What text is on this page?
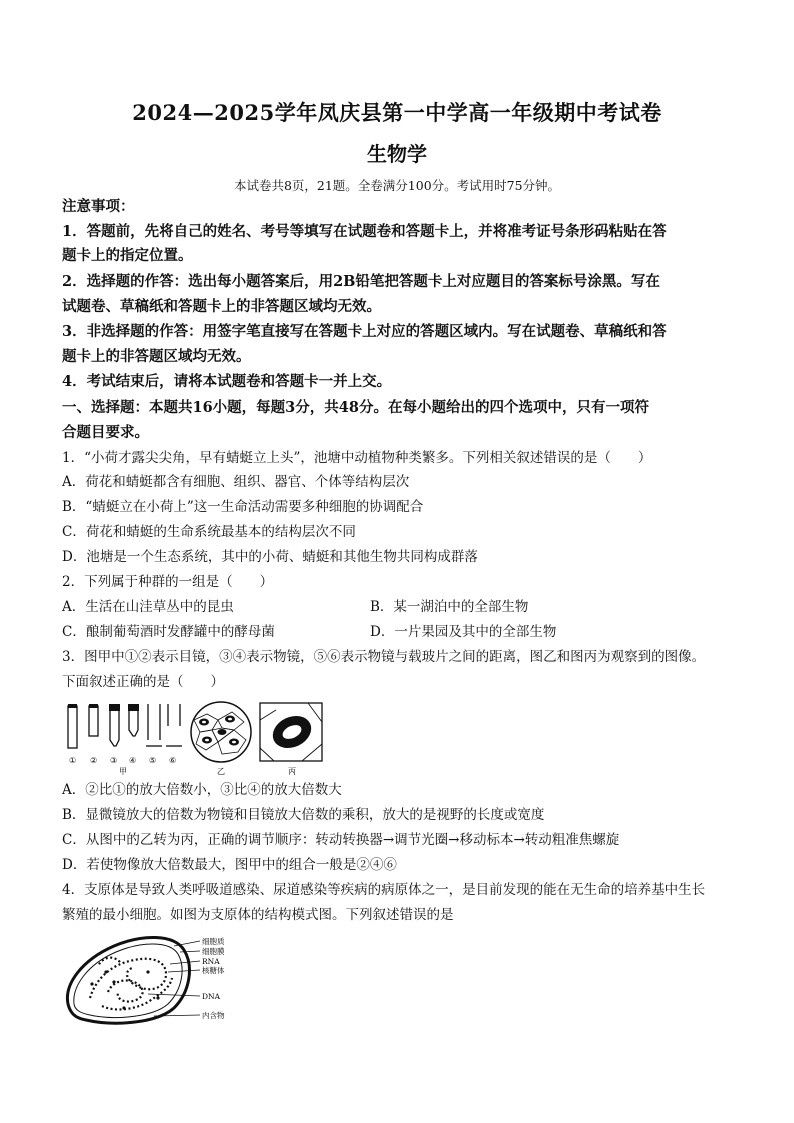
2024—2025学年凤庆县第一中学高一年级期中考试卷
生物学
本试卷共8页，21题。全卷满分100分。考试用时75分钟。
注意事项：
1．答题前，先将自己的姓名、考号等填写在试题卷和答题卡上，并将准考证号条形码粘贴在答
题卡上的指定位置。
2．选择题的作答：选出每小题答案后，用2B铅笔把答题卡上对应题目的答案标号涂黑。写在
试题卷、草稿纸和答题卡上的非答题区域均无效。
3．非选择题的作答：用签字笔直接写在答题卡上对应的答题区域内。写在试题卷、草稿纸和答
题卡上的非答题区域均无效。
4．考试结束后，请将本试题卷和答题卡一并上交。
一、选择题：本题共16小题，每题3分，共48分。在每小题给出的四个选项中，只有一项符
合题目要求。
1．“小荷才露尖尖角，早有蜻蜓立上头”，池塘中动植物种类繁多。下列相关叙述错误的是（　　）
A．荷花和蜻蜓都含有细胞、组织、器官、个体等结构层次
B．“蜻蜓立在小荷上”这一生命活动需要多种细胞的协调配合
C．荷花和蜻蜓的生命系统最基本的结构层次不同
D．池塘是一个生态系统，其中的小荷、蜻蜓和其他生物共同构成群落
2．下列属于种群的一组是（　　）
A．生活在山洼草丛中的昆虫	B．某一湖泊中的全部生物
C．酿制葡萄酒时发酵罐中的酵母菌	D．一片果园及其中的全部生物
3．图甲中①②表示目镜，③④表示物镜，⑤⑥表示物镜与载玻片之间的距离，图乙和图丙为观察到的图像。
下面叙述正确的是（　　）
① ② ③ ④ ⑤ ⑥
甲	乙	丙
A．②比①的放大倍数小，③比④的放大倍数大
B．显微镜放大的倍数为物镜和目镜放大倍数的乘积，放大的是视野的长度或宽度
C．从图中的乙转为丙，正确的调节顺序：转动转换器→调节光圈→移动标本→转动粗准焦螺旋
D．若使物像放大倍数最大，图甲中的组合一般是②④⑥
4．支原体是导致人类呼吸道感染、尿道感染等疾病的病原体之一，是目前发现的能在无生命的培养基中生长
繁殖的最小细胞。如图为支原体的结构模式图。下列叙述错误的是
细胞质
细胞膜
RNA
核糖体
DNA
内含物
